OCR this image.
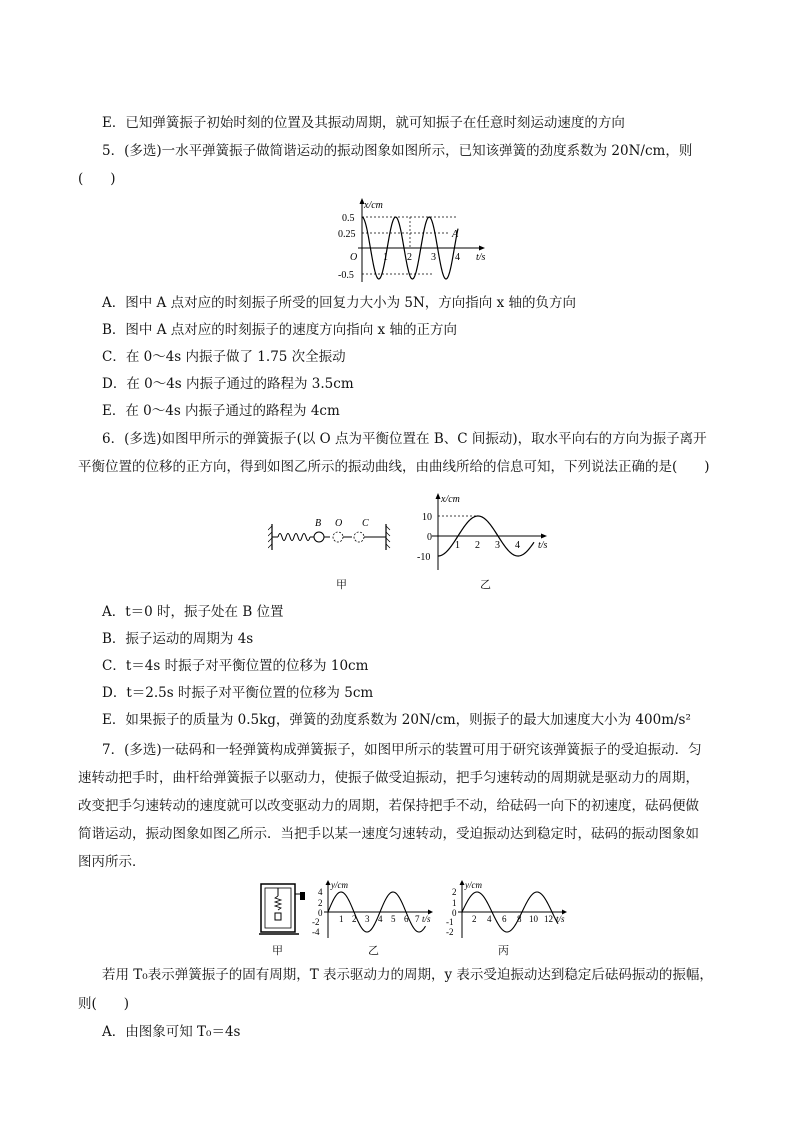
E．已知弹簧振子初始时刻的位置及其振动周期，就可知振子在任意时刻运动速度的方向
5．(多选)一水平弹簧振子做简谐运动的振动图象如图所示，已知该弹簧的劲度系数为 20N/cm，则
(　　)
x/cm
t/s
O
A
0.5
0.25
-0.5
1 2 3 4
A．图中 A 点对应的时刻振子所受的回复力大小为 5N，方向指向 x 轴的负方向
B．图中 A 点对应的时刻振子的速度方向指向 x 轴的正方向
C．在 0～4s 内振子做了 1.75 次全振动
D．在 0～4s 内振子通过的路程为 3.5cm
E．在 0～4s 内振子通过的路程为 4cm
6．(多选)如图甲所示的弹簧振子(以 O 点为平衡位置在 B、C 间振动)，取水平向右的方向为振子离开
平衡位置的位移的正方向，得到如图乙所示的振动曲线，由曲线所给的信息可知，下列说法正确的是(　　)
B O C
甲
x/cm
t/s
10
0
-10
1 2 3 4
乙
A．t＝0 时，振子处在 B 位置
B．振子运动的周期为 4s
C．t＝4s 时振子对平衡位置的位移为 10cm
D．t＝2.5s 时振子对平衡位置的位移为 5cm
E．如果振子的质量为 0.5kg，弹簧的劲度系数为 20N/cm，则振子的最大加速度大小为 400m/s²
7．(多选)一砝码和一轻弹簧构成弹簧振子，如图甲所示的装置可用于研究该弹簧振子的受迫振动．匀
速转动把手时，曲杆给弹簧振子以驱动力，使振子做受迫振动，把手匀速转动的周期就是驱动力的周期，
改变把手匀速转动的速度就可以改变驱动力的周期，若保持把手不动，给砝码一向下的初速度，砝码便做
简谐运动，振动图象如图乙所示．当把手以某一速度匀速转动，受迫振动达到稳定时，砝码的振动图象如
图丙所示．
甲
y/cm
t/s
4
2
0
-2
-4
1 2 3 4 5 6 7
乙
y/cm
t/s
2
1
0
-1
-2
2 4 6 8 10 12
丙
若用 T₀表示弹簧振子的固有周期，T 表示驱动力的周期，y 表示受迫振动达到稳定后砝码振动的振幅，
则(　　)
A．由图象可知 T₀＝4s
